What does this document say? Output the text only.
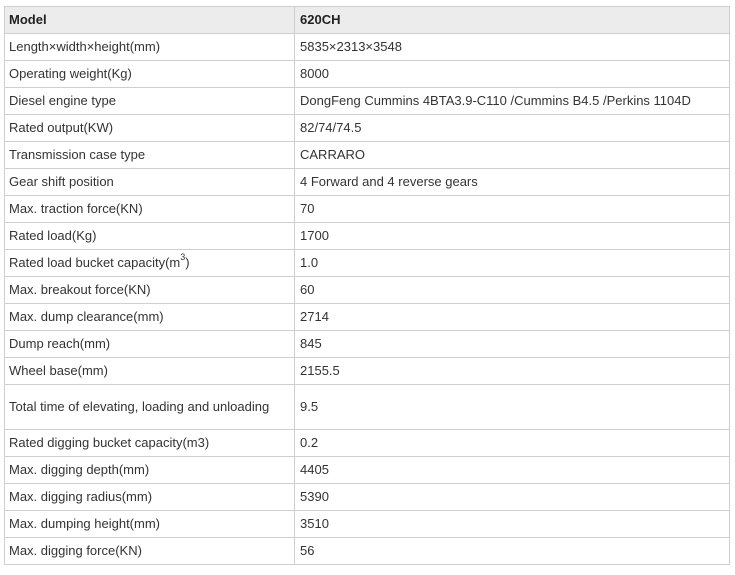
Model	620CH
Length×width×height(mm)	5835×2313×3548
Operating weight(Kg)	8000
Diesel engine type	DongFeng Cummins 4BTA3.9-C110 /Cummins B4.5 /Perkins 1104D
Rated output(KW)	82/74/74.5
Transmission case type	CARRARO
Gear shift position	4 Forward and 4 reverse gears
Max. traction force(KN)	70
Rated load(Kg)	1700
Rated load bucket $capacity(m^3)$	1.0
Max. breakout force(KN)	60
Max. dump clearance(mm)	2714
Dump reach(mm)	845
Wheel base(mm)	2155.5
Total time of elevating, loading and unloading	9.5
Rated digging bucket capacity(m3)	0.2
Max. digging depth(mm)	4405
Max. digging radius(mm)	5390
Max. dumping height(mm)	3510
Max. digging force(KN)	56
